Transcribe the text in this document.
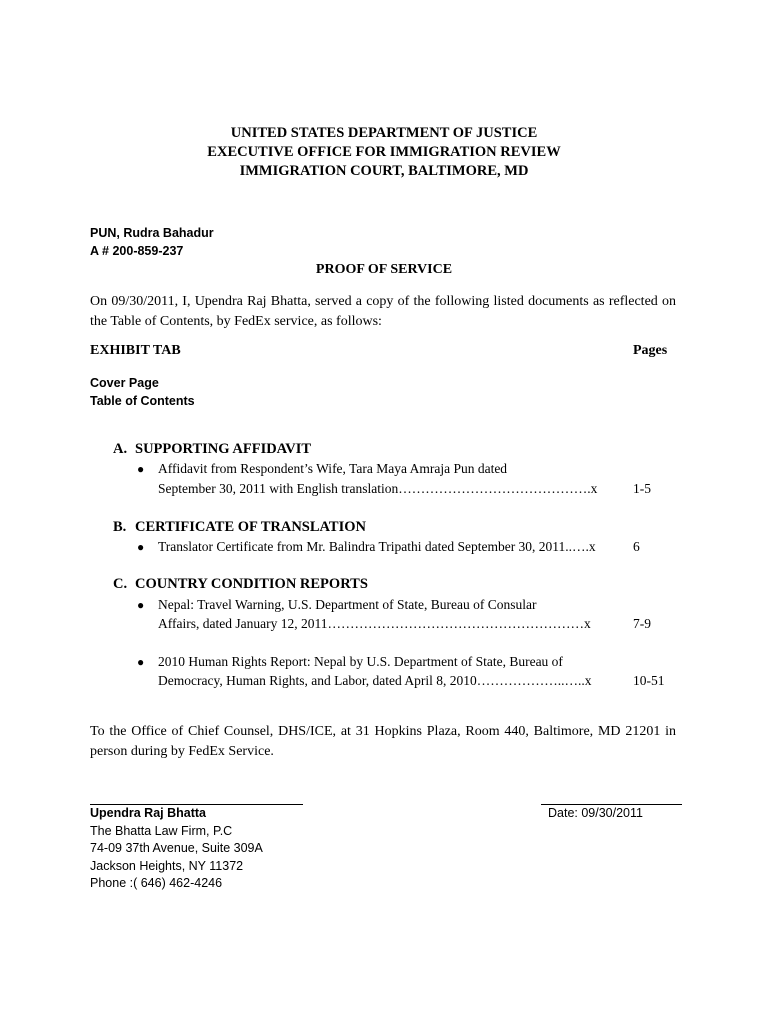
UNITED STATES DEPARTMENT OF JUSTICE
EXECUTIVE OFFICE FOR IMMIGRATION REVIEW
IMMIGRATION COURT, BALTIMORE, MD
PUN, Rudra Bahadur
A # 200-859-237
PROOF OF SERVICE
On 09/30/2011, I, Upendra Raj Bhatta, served a copy of the following listed documents as reflected on the Table of Contents, by FedEx service, as follows:
EXHIBIT TAB	Pages
Cover Page
Table of Contents
A. SUPPORTING AFFIDAVIT
● Affidavit from Respondent’s Wife, Tara Maya Amraja Pun dated
September 30, 2011 with English translation…………………………………….x	1-5
B. CERTIFICATE OF TRANSLATION
● Translator Certificate from Mr. Balindra Tripathi dated September 30, 2011..….x	6
C. COUNTRY CONDITION REPORTS
● Nepal: Travel Warning, U.S. Department of State, Bureau of Consular
Affairs, dated January 12, 2011…………………………………………………x	7-9
● 2010 Human Rights Report: Nepal by U.S. Department of State, Bureau of
Democracy, Human Rights, and Labor, dated April 8, 2010………………..…..x	10-51
To the Office of Chief Counsel, DHS/ICE, at 31 Hopkins Plaza, Room 440, Baltimore, MD 21201 in person during by FedEx Service.
Upendra Raj Bhatta
The Bhatta Law Firm, P.C
74-09 37th Avenue, Suite 309A
Jackson Heights, NY 11372
Phone :( 646) 462-4246
Date: 09/30/2011
